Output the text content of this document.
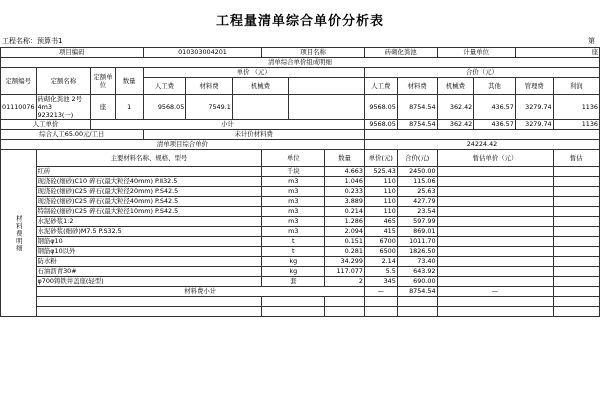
工程量清单综合单价分析表
工程名称：预算书1	第
项目编码				010303004201			项目名称			砖砌化粪池		计量单位		座	
清单综合单价组成明细															
定额编号	定额名称	定额单位	数量	单价 （元）						合价（元）					
				人工费	材料费	机械费				人工费	材料费	机械费	其他	管理费	利润
01110076	砖砌化粪池 2号 4m3 923213(一)	座	1	9568.05	7549.1					9568.05	8754.54	362.42	436.57	3279.74	1136
人工单价		小计								9568.05	8754.54	362.42	436.57	3279.74	1136
综合人工65.00元/工日				未计价材料费											
清单项目综合单价										24224.42					
材料费明细	主要材料名称、规格、型号						单位		数量	单价(元)	合价(元)	暂估单价（元）			暂估
	红砖						千块		4.663	525.43	2450.00				
	现浇砼(细砂)C10 碎石(最大粒径40mm) P.Ⅱ32.5						m3		1.046	110	115.06				
	现浇砼(细砂)C25 碎石(最大粒径20mm) P.S42.5						m3		0.233	110	25.63				
	现浇砼(细砂)C25 碎石(最大粒径40mm) P.S42.5						m3		3.889	110	427.79				
	特制砼(细砂)C25 碎石(最大粒径10mm) P.S42.5						m3		0.214	110	23.54				
	水泥砂浆1:2						m3		1.286	465	597.99				
	水泥砂浆(细砂)M7.5 P.S32.5						m3		2.094	415	869.01				
	钢筋φ10						t		0.151	6700	1011.70				
	钢筋φ10以外						t		0.281	6500	1826.50				
	防水粉						kg		34.299	2.14	73.40				
	石油沥青30#						kg		117.077	5.5	643.92				
	φ700铸铁井盖座(轻型)						套		2	345	690.00				
	材料费小计									—	8754.54	—			
